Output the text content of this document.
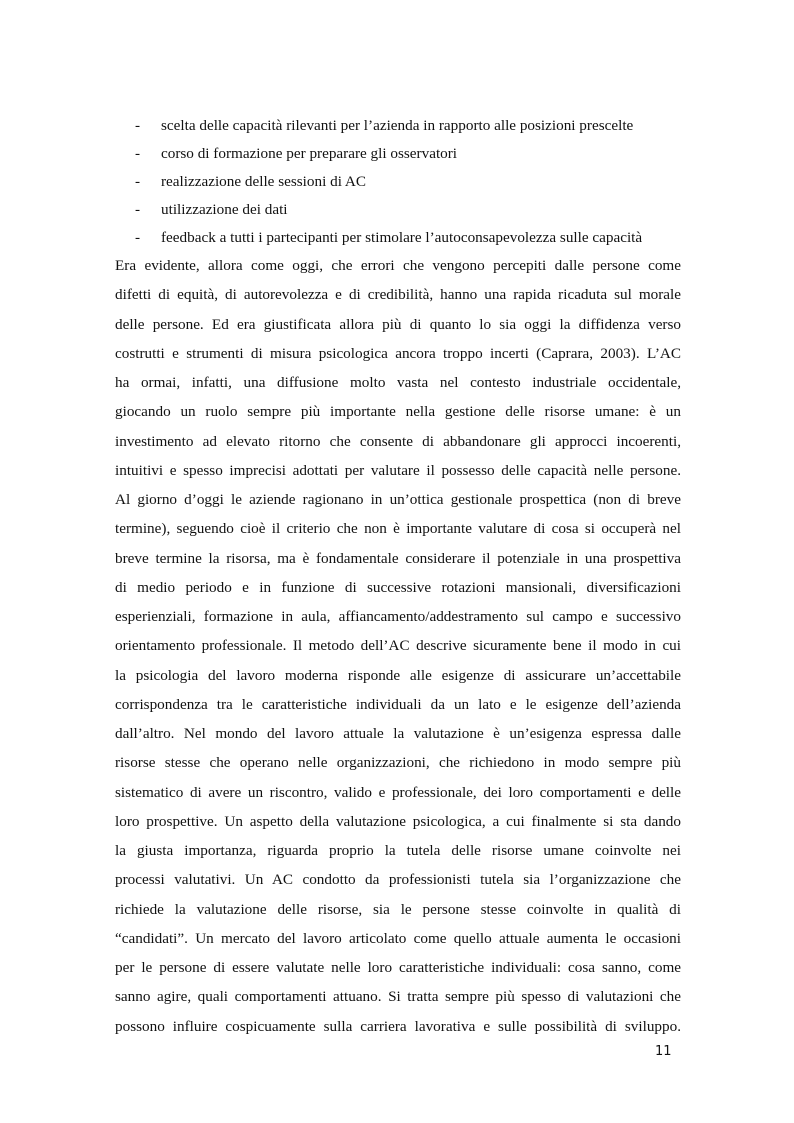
- scelta delle capacità rilevanti per l’azienda in rapporto alle posizioni prescelte
- corso di formazione per preparare gli osservatori
- realizzazione delle sessioni di AC
- utilizzazione dei dati
- feedback a tutti i partecipanti per stimolare l’autoconsapevolezza sulle capacità

Era evidente, allora come oggi, che errori che vengono percepiti dalle persone come
difetti di equità, di autorevolezza e di credibilità, hanno una rapida ricaduta sul morale
delle persone. Ed era giustificata allora più di quanto lo sia oggi la diffidenza verso
costrutti e strumenti di misura psicologica ancora troppo incerti (Caprara, 2003). L’AC
ha ormai, infatti, una diffusione molto vasta nel contesto industriale occidentale,
giocando un ruolo sempre più importante nella gestione delle risorse umane: è un
investimento ad elevato ritorno che consente di abbandonare gli approcci incoerenti,
intuitivi e spesso imprecisi adottati per valutare il possesso delle capacità nelle persone.
Al giorno d’oggi le aziende ragionano in un’ottica gestionale prospettica (non di breve
termine), seguendo cioè il criterio che non è importante valutare di cosa si occuperà nel
breve termine la risorsa, ma è fondamentale considerare il potenziale in una prospettiva
di medio periodo e in funzione di successive rotazioni mansionali, diversificazioni
esperienziali, formazione in aula, affiancamento/addestramento sul campo e successivo
orientamento professionale. Il metodo dell’AC descrive sicuramente bene il modo in cui
la psicologia del lavoro moderna risponde alle esigenze di assicurare un’accettabile
corrispondenza tra le caratteristiche individuali da un lato e le esigenze dell’azienda
dall’altro. Nel mondo del lavoro attuale la valutazione è un’esigenza espressa dalle
risorse stesse che operano nelle organizzazioni, che richiedono in modo sempre più
sistematico di avere un riscontro, valido e professionale, dei loro comportamenti e delle
loro prospettive. Un aspetto della valutazione psicologica, a cui finalmente si sta dando
la giusta importanza, riguarda proprio la tutela delle risorse umane coinvolte nei
processi valutativi. Un AC condotto da professionisti tutela sia l’organizzazione che
richiede la valutazione delle risorse, sia le persone stesse coinvolte in qualità di
“candidati”. Un mercato del lavoro articolato come quello attuale aumenta le occasioni
per le persone di essere valutate nelle loro caratteristiche individuali: cosa sanno, come
sanno agire, quali comportamenti attuano. Si tratta sempre più spesso di valutazioni che
possono influire cospicuamente sulla carriera lavorativa e sulle possibilità di sviluppo.

11
